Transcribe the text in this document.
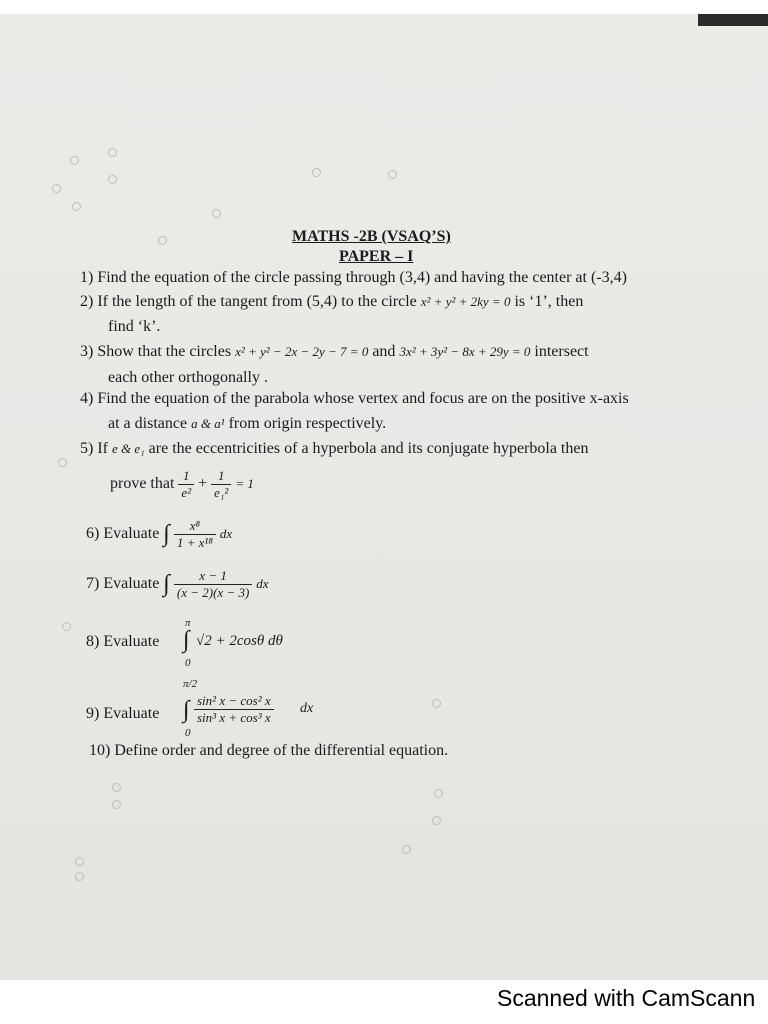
MATHS -2B (VSAQ’S)
PAPER – I
1) Find the equation of the circle passing through (3,4) and having the center at (-3,4)
2) If the length of the tangent from (5,4) to the circle x² + y² + 2ky = 0 is ‘1’, then
find ‘k’.
3) Show that the circles x² + y² − 2x − 2y − 7 = 0 and 3x² + 3y² − 8x + 29y = 0 intersect
each other orthogonally .
4) Find the equation of the parabola whose vertex and focus are on the positive x-axis
at a distance a & a¹ from origin respectively.
5) If e & e₁ are the eccentricities of a hyperbola and its conjugate hyperbola then
prove that $\frac{1}{\text{e²}} + \frac{1}{\text{e₁²}} = 1$
6) Evaluate ∫ $\frac{\text{x⁸}}{\text{1 + x¹⁸}}$ dx
7) Evaluate ∫ $\frac{x - 1}{(x - 2)(x - 3)}$ dx
8) Evaluate
π
∫
0
√2 + 2cosθ dθ
9) Evaluate
π/2
∫
0
$\frac{\text{sin² x − cos² x}}{\text{sin³ x + cos³ x}}$ dx
10) Define order and degree of the differential equation.
Scanned with CamScann
